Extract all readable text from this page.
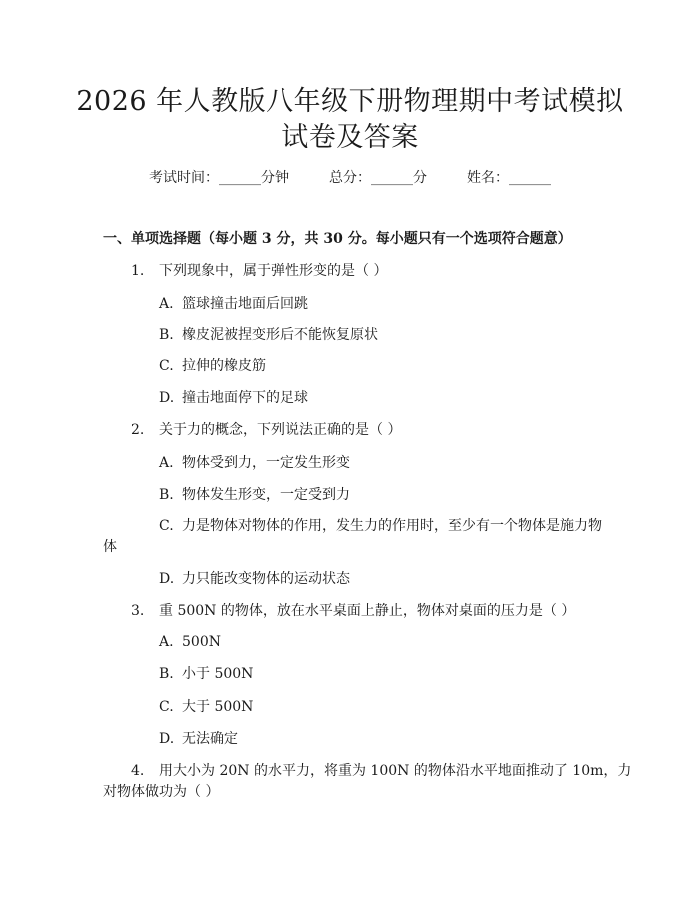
2026 年人教版八年级下册物理期中考试模拟
试卷及答案
考试时间：______分钟	总分：______分	姓名：______
一、单项选择题（每小题 3 分，共 30 分。每小题只有一个选项符合题意）
1. 下列现象中，属于弹性形变的是（ ）
A. 篮球撞击地面后回跳
B. 橡皮泥被捏变形后不能恢复原状
C. 拉伸的橡皮筋
D. 撞击地面停下的足球
2. 关于力的概念，下列说法正确的是（ ）
A. 物体受到力，一定发生形变
B. 物体发生形变，一定受到力
C. 力是物体对物体的作用，发生力的作用时，至少有一个物体是施力物
体
D. 力只能改变物体的运动状态
3. 重 500N 的物体，放在水平桌面上静止，物体对桌面的压力是（ ）
A. 500N
B. 小于 500N
C. 大于 500N
D. 无法确定
4. 用大小为 20N 的水平力，将重为 100N 的物体沿水平地面推动了 10m，力
对物体做功为（ ）
